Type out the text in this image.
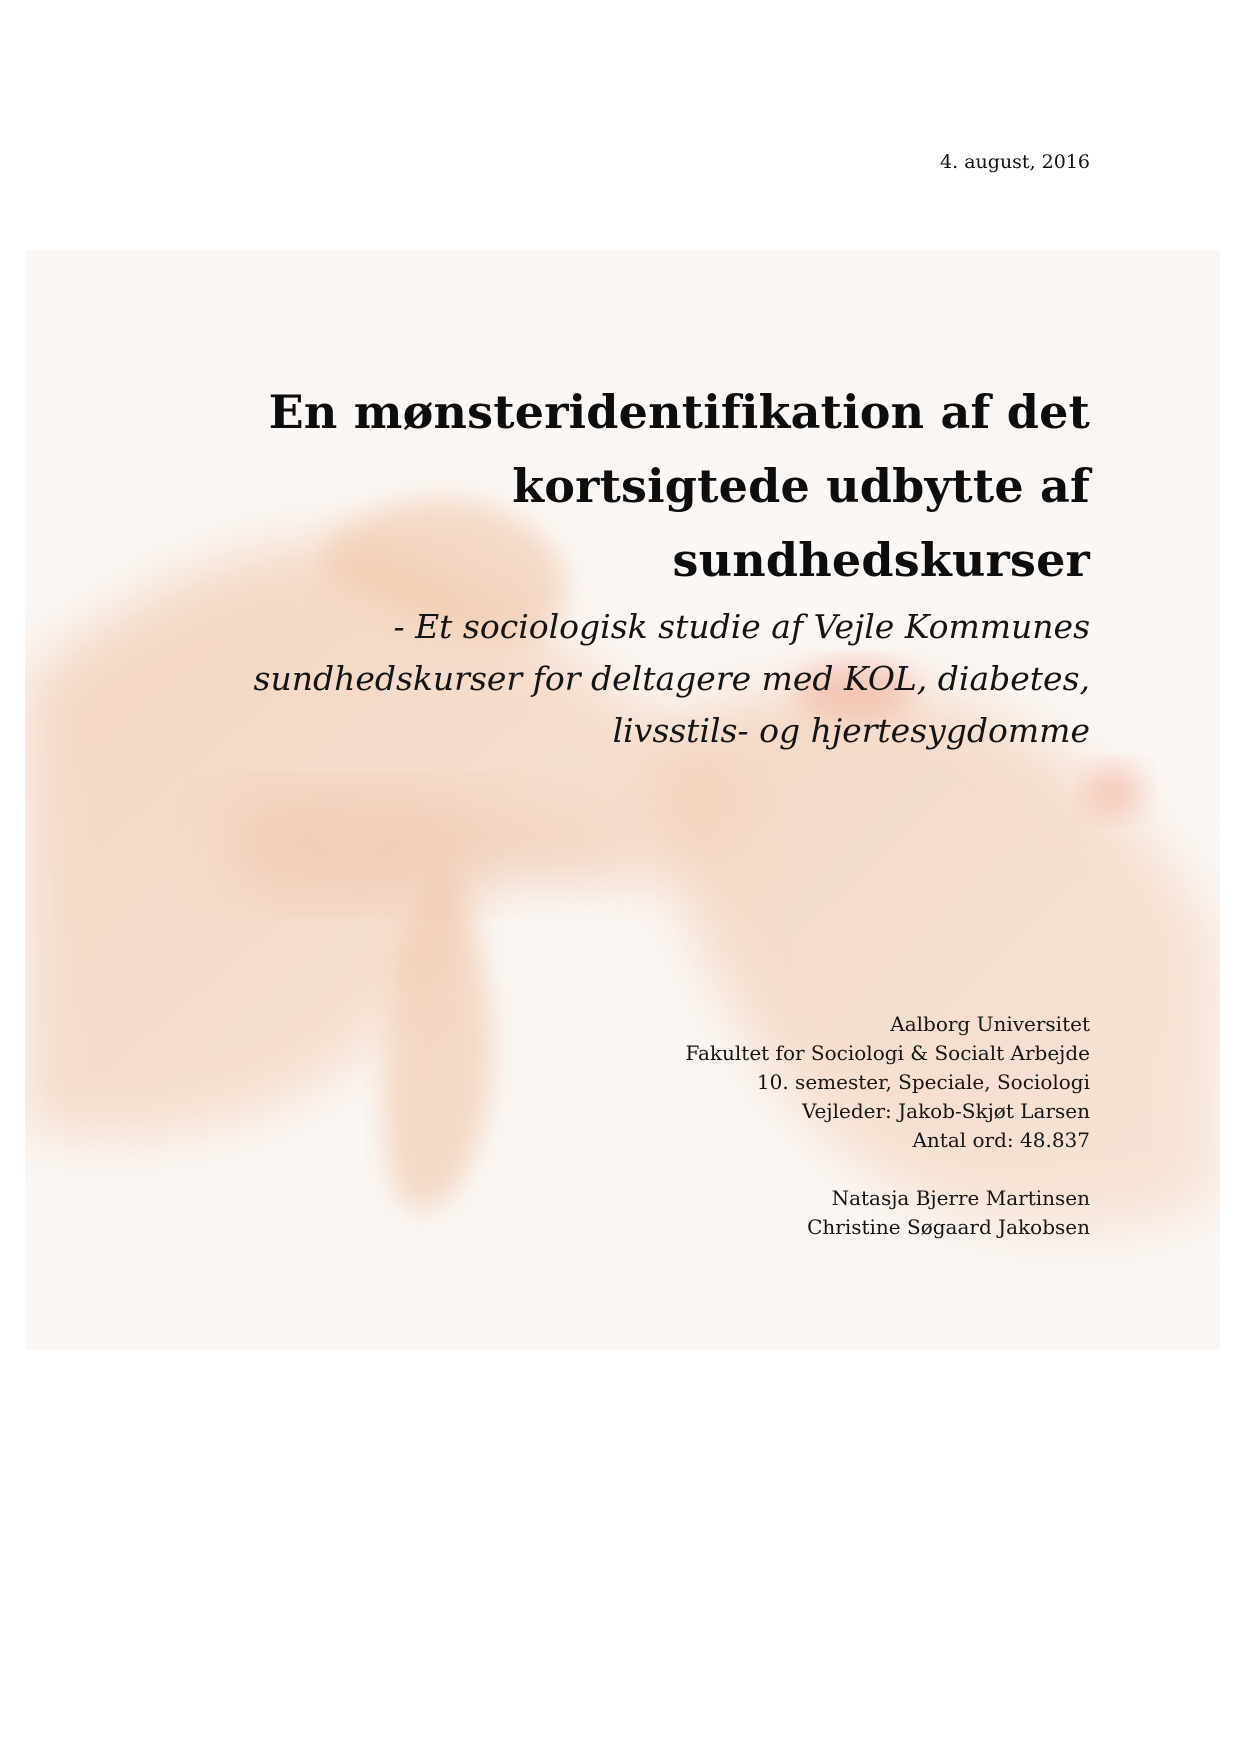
4. august, 2016
En mønsteridentifikation af det
kortsigtede udbytte af
sundhedskurser
- Et sociologisk studie af Vejle Kommunes
sundhedskurser for deltagere med KOL, diabetes,
livsstils- og hjertesygdomme
Aalborg Universitet
Fakultet for Sociologi & Socialt Arbejde
10. semester, Speciale, Sociologi
Vejleder: Jakob-Skjøt Larsen
Antal ord: 48.837
Natasja Bjerre Martinsen
Christine Søgaard Jakobsen
